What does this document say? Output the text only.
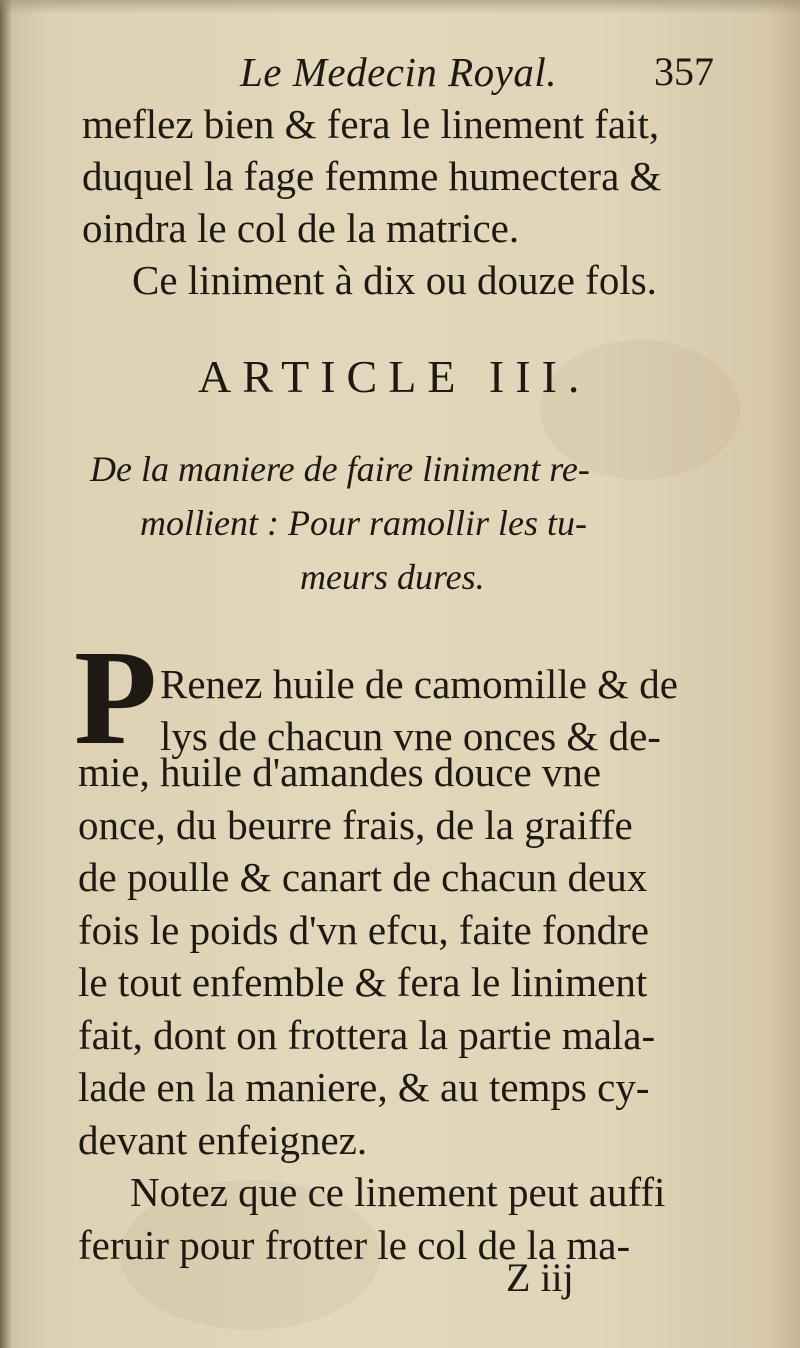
Le Medecin Royal. 357
meflez bien & fera le linement fait,
duquel la fage femme humectera &
oindra le col de la matrice.
Ce liniment à dix ou douze fols.
ARTICLE III.
De la maniere de faire liniment re-
mollient : Pour ramollir les tu-
meurs dures.
P Renez huile de camomille & de
lys de chacun vne onces & de-
mie, huile d'amandes douce vne
once, du beurre frais, de la graiffe
de poulle & canart de chacun deux
fois le poids d'vn efcu, faite fondre
le tout enfemble & fera le liniment
fait, dont on frottera la partie mala-
lade en la maniere, & au temps cy-
devant enfeignez.
Notez que ce linement peut auffi
feruir pour frotter le col de la ma-
Z iij
